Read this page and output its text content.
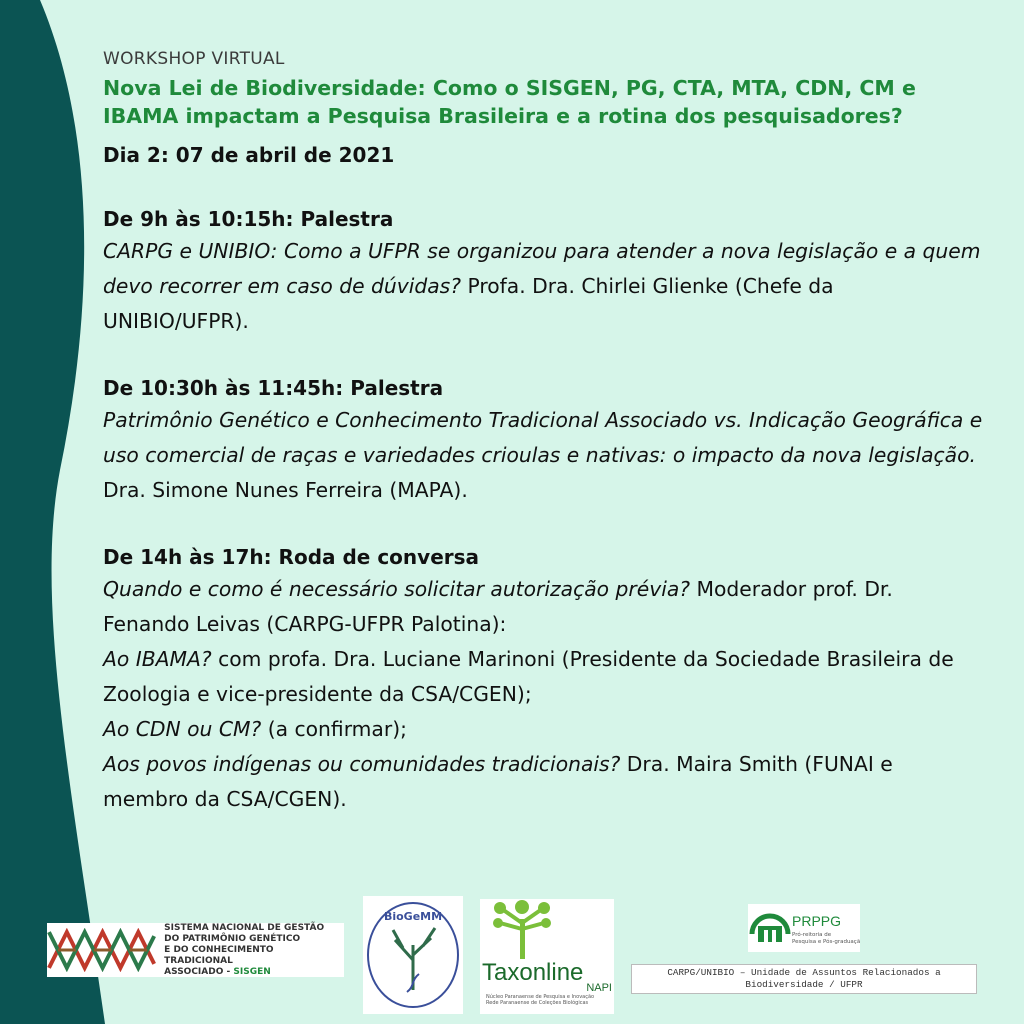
WORKSHOP VIRTUAL

Nova Lei de Biodiversidade: Como o SISGEN, PG, CTA, MTA, CDN, CM e IBAMA impactam a Pesquisa Brasileira e a rotina dos pesquisadores?

Dia 2: 07 de abril de 2021

De 9h às 10:15h: Palestra

CARPG e UNIBIO: Como a UFPR se organizou para atender a nova legislação e a quem devo recorrer em caso de dúvidas? Profa. Dra. Chirlei Glienke (Chefe da UNIBIO/UFPR).

De 10:30h às 11:45h: Palestra

Patrimônio Genético e Conhecimento Tradicional Associado vs. Indicação Geográfica e uso comercial de raças e variedades crioulas e nativas: o impacto da nova legislação. Dra. Simone Nunes Ferreira (MAPA).

De 14h às 17h: Roda de conversa

Quando e como é necessário solicitar autorização prévia? Moderador prof. Dr. Fenando Leivas (CARPG-UFPR Palotina):

Ao IBAMA? com profa. Dra. Luciane Marinoni (Presidente da Sociedade Brasileira de Zoologia e vice-presidente da CSA/CGEN);

Ao CDN ou CM? (a confirmar);

Aos povos indígenas ou comunidades tradicionais? Dra. Maira Smith (FUNAI e membro da CSA/CGEN).

SISTEMA NACIONAL DE GESTÃO
DO PATRIMÔNIO GENÉTICO
E DO CONHECIMENTO TRADICIONAL
ASSOCIADO - SISGEN
BioGeMM
Taxonline
NAPI
Núcleo Paranaense de Pesquisa e Inovação
Rede Paranaense de Coleções Biológicas
PRPPG
Pró-reitoria de
Pesquisa e Pós-graduação
CARPG/UNIBIO – Unidade de Assuntos Relacionados a
Biodiversidade / UFPR
